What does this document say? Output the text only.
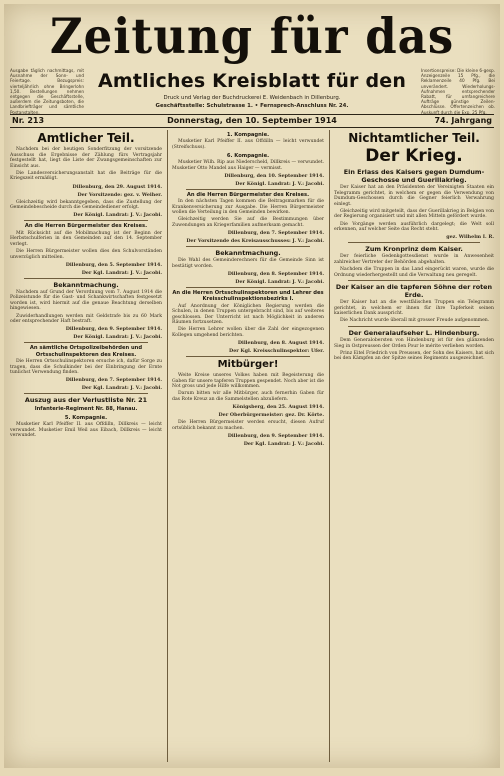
Zeitung für das
Ausgabe täglich nachmittags, mit Ausnahme der Sonn- und Feiertage. Bezugspreis: vierteljährlich ohne Bringerlohn 1,50. Bestellungen nehmen entgegen die Geschäftsstelle, außerdem die Zeitungsboten, die Landbriefträger und sämtliche Postanstalten.
Insertionspreise: Die kleine 6-gesp. Anzeigenzeile 15 Pfg., die Reklamenzeile 40 Pfg. Bei unverändert. Wiederholungs-Aufnahmen entsprechender Rabatt, für umfangreichere Aufträge günstige Zeilen-Abschlüsse. Offertenzeichen ob. Auskunft durch die Exp. 25 Pfg.
Amtliches Kreisblatt für den
Druck und Verlag der Buchdruckerei E. Weidenbach in Dillenburg.
Geschäftsstelle: Schulstrasse 1. • Fernsprech-Anschluss Nr. 24.
Nr. 213	Donnerstag, den 10. September 1914	74. Jahrgang
Amtlicher Teil.

Nachdem bei der heutigen Sonderfitzung der vorsitzende Ausschuss die Ergebnisse der Zählung fürs Vertragsjahr festgestellt hat, liegt die Liste der Zwangsgemeinschaften zur Einsicht aus.

Die Landesversicherungsanstalt hat die Beiträge für die Kriegszeit ermäßigt.

Dillenburg, den 29. August 1914.
Der Vorsitzende: gez. v. Weiher.

Gleichzeitig wird bekanntgegeben, dass die Zustellung der Gemeindebescheide durch die Gemeindediener erfolgt.

Der Königl. Landrat: J. V.: Jacobi.
An die Herren Bürgermeister des Kreises.

Mit Rücksicht auf die Mobilmachung ist der Beginn der Herbstschulferien in den Gemeinden auf den 14. September verlegt.

Die Herren Bürgermeister wollen dies den Schulvorständen unverzüglich mitteilen.

Dillenburg, den 5. September 1914.
Der Kgl. Landrat: J. V.: Jacobi.
Bekanntmachung.

Nachdem auf Grund der Verordnung vom 7. August 1914 die Polizeistunde für die Gast- und Schankwirtschaften festgesetzt worden ist, wird hiermit auf die genaue Beachtung derselben hingewiesen.

Zuwiderhandlungen werden mit Geldstrafe bis zu 60 Mark oder entsprechender Haft bestraft.

Dillenburg, den 9. September 1914.
Der Königl. Landrat: J. V.: Jacobi.
An sämtliche Ortspolizeibehörden und Ortsschulinspektoren des Kreises.

Die Herren Ortsschulinspektoren ersuche ich, dafür Sorge zu tragen, dass die Schulkinder bei der Einbringung der Ernte tunlichst Verwendung finden.

Dillenburg, den 7. September 1914.
Der Kgl. Landrat: J. V.: Jacobi.
Auszug aus der Verlustliste Nr. 21
Infanterie-Regiment Nr. 88, Hanau.
5. Kompagnie.

Musketier Karl Pfeiffer II. aus Offdilln, Dillkreis — leicht verwundet. Musketier Emil Weil aus Eibach, Dillkreis — leicht verwundet.

1. Kompagnie.

Musketier Karl Pfeiffer II. aus Offdilln — leicht verwundet (Streifschuss).

6. Kompagnie.

Musketier Wilh. Rip aus Niederscheld, Dillkreis — verwundet. Musketier Otto Mandel aus Haiger — vermisst.

Dillenburg, den 10. September 1914.
Der Königl. Landrat: J. V.: Jacobi.
An die Herren Bürgermeister des Kreises.

In den nächsten Tagen kommen die Beitragsmarken für die Krankenversicherung zur Ausgabe. Die Herren Bürgermeister wollen die Verteilung in den Gemeinden bewirken.

Gleichzeitig werden Sie auf die Bestimmungen über Zuwendungen an Kriegerfamilien aufmerksam gemacht.

Dillenburg, den 7. September 1914.
Der Vorsitzende des Kreisausschusses: J. V.: Jacobi.
Bekanntmachung.

Die Wahl des Gemeinderechners für die Gemeinde Sinn ist bestätigt worden.

Dillenburg, den 8. September 1914.
Der Königl. Landrat: J. V.: Jacobi.
An die Herren Ortsschulinspektoren und Lehrer des Kreisschulinspektionsbezirks I.

Auf Anordnung der Königlichen Regierung werden die Schulen, in denen Truppen untergebracht sind, bis auf weiteres geschlossen. Der Unterricht ist nach Möglichkeit in anderen Räumen fortzusetzen.

Die Herren Lehrer wollen über die Zahl der eingezogenen Kollegen umgehend berichten.

Dillenburg, den 8. August 1914.
Der Kgl. Kreisschulinspektor: Ufer.
Mitbürger!

Weite Kreise unseres Volkes haben mit Begeisterung die Gaben für unsere tapferen Truppen gespendet. Noch aber ist die Not gross und jede Hilfe willkommen.

Darum bitten wir alle Mitbürger, auch fernerhin Gaben für das Rote Kreuz an die Sammelstellen abzuliefern.

Königsberg, den 25. August 1914.
Der Oberbürgermeister: gez. Dr. Körte.

Die Herren Bürgermeister werden ersucht, diesen Aufruf ortsüblich bekannt zu machen.

Dillenburg, den 9. September 1914.
Der Kgl. Landrat: J. V.: Jacobi.
Nichtamtlicher Teil.
Der Krieg.
Ein Erlass des Kaisers gegen Dumdum-Geschosse und Guerillakrieg.

Der Kaiser hat an den Präsidenten der Vereinigten Staaten ein Telegramm gerichtet, in welchem er gegen die Verwendung von Dumdum-Geschossen durch die Gegner feierlich Verwahrung einlegt.

Gleichzeitig wird mitgeteilt, dass der Guerillakrieg in Belgien von der Regierung organisiert und mit allen Mitteln gefördert wurde.

Die Vorgänge werden ausführlich dargelegt; die Welt soll erkennen, auf welcher Seite das Recht steht.

gez. Wilhelm I. R.
Zum Kronprinz dem Kaiser.

Der feierliche Gedenkgottesdienst wurde in Anwesenheit zahlreicher Vertreter der Behörden abgehalten.

Nachdem die Truppen in das Land eingerückt waren, wurde die Ordnung wiederhergestellt und die Verwaltung neu geregelt.

Der Kaiser an die tapferen Söhne der roten Erde.

Der Kaiser hat an die westfälischen Truppen ein Telegramm gerichtet, in welchem er ihnen für ihre Tapferkeit seinen kaiserlichen Dank ausspricht.

Die Nachricht wurde überall mit grosser Freude aufgenommen.

Der Generalaufseher L. Hindenburg.

Dem Generalobersten von Hindenburg ist für den glänzenden Sieg in Ostpreussen der Orden Pour le mérite verliehen worden.

Prinz Eitel Friedrich von Preussen, der Sohn des Kaisers, hat sich bei den Kämpfen an der Spitze seines Regiments ausgezeichnet.
